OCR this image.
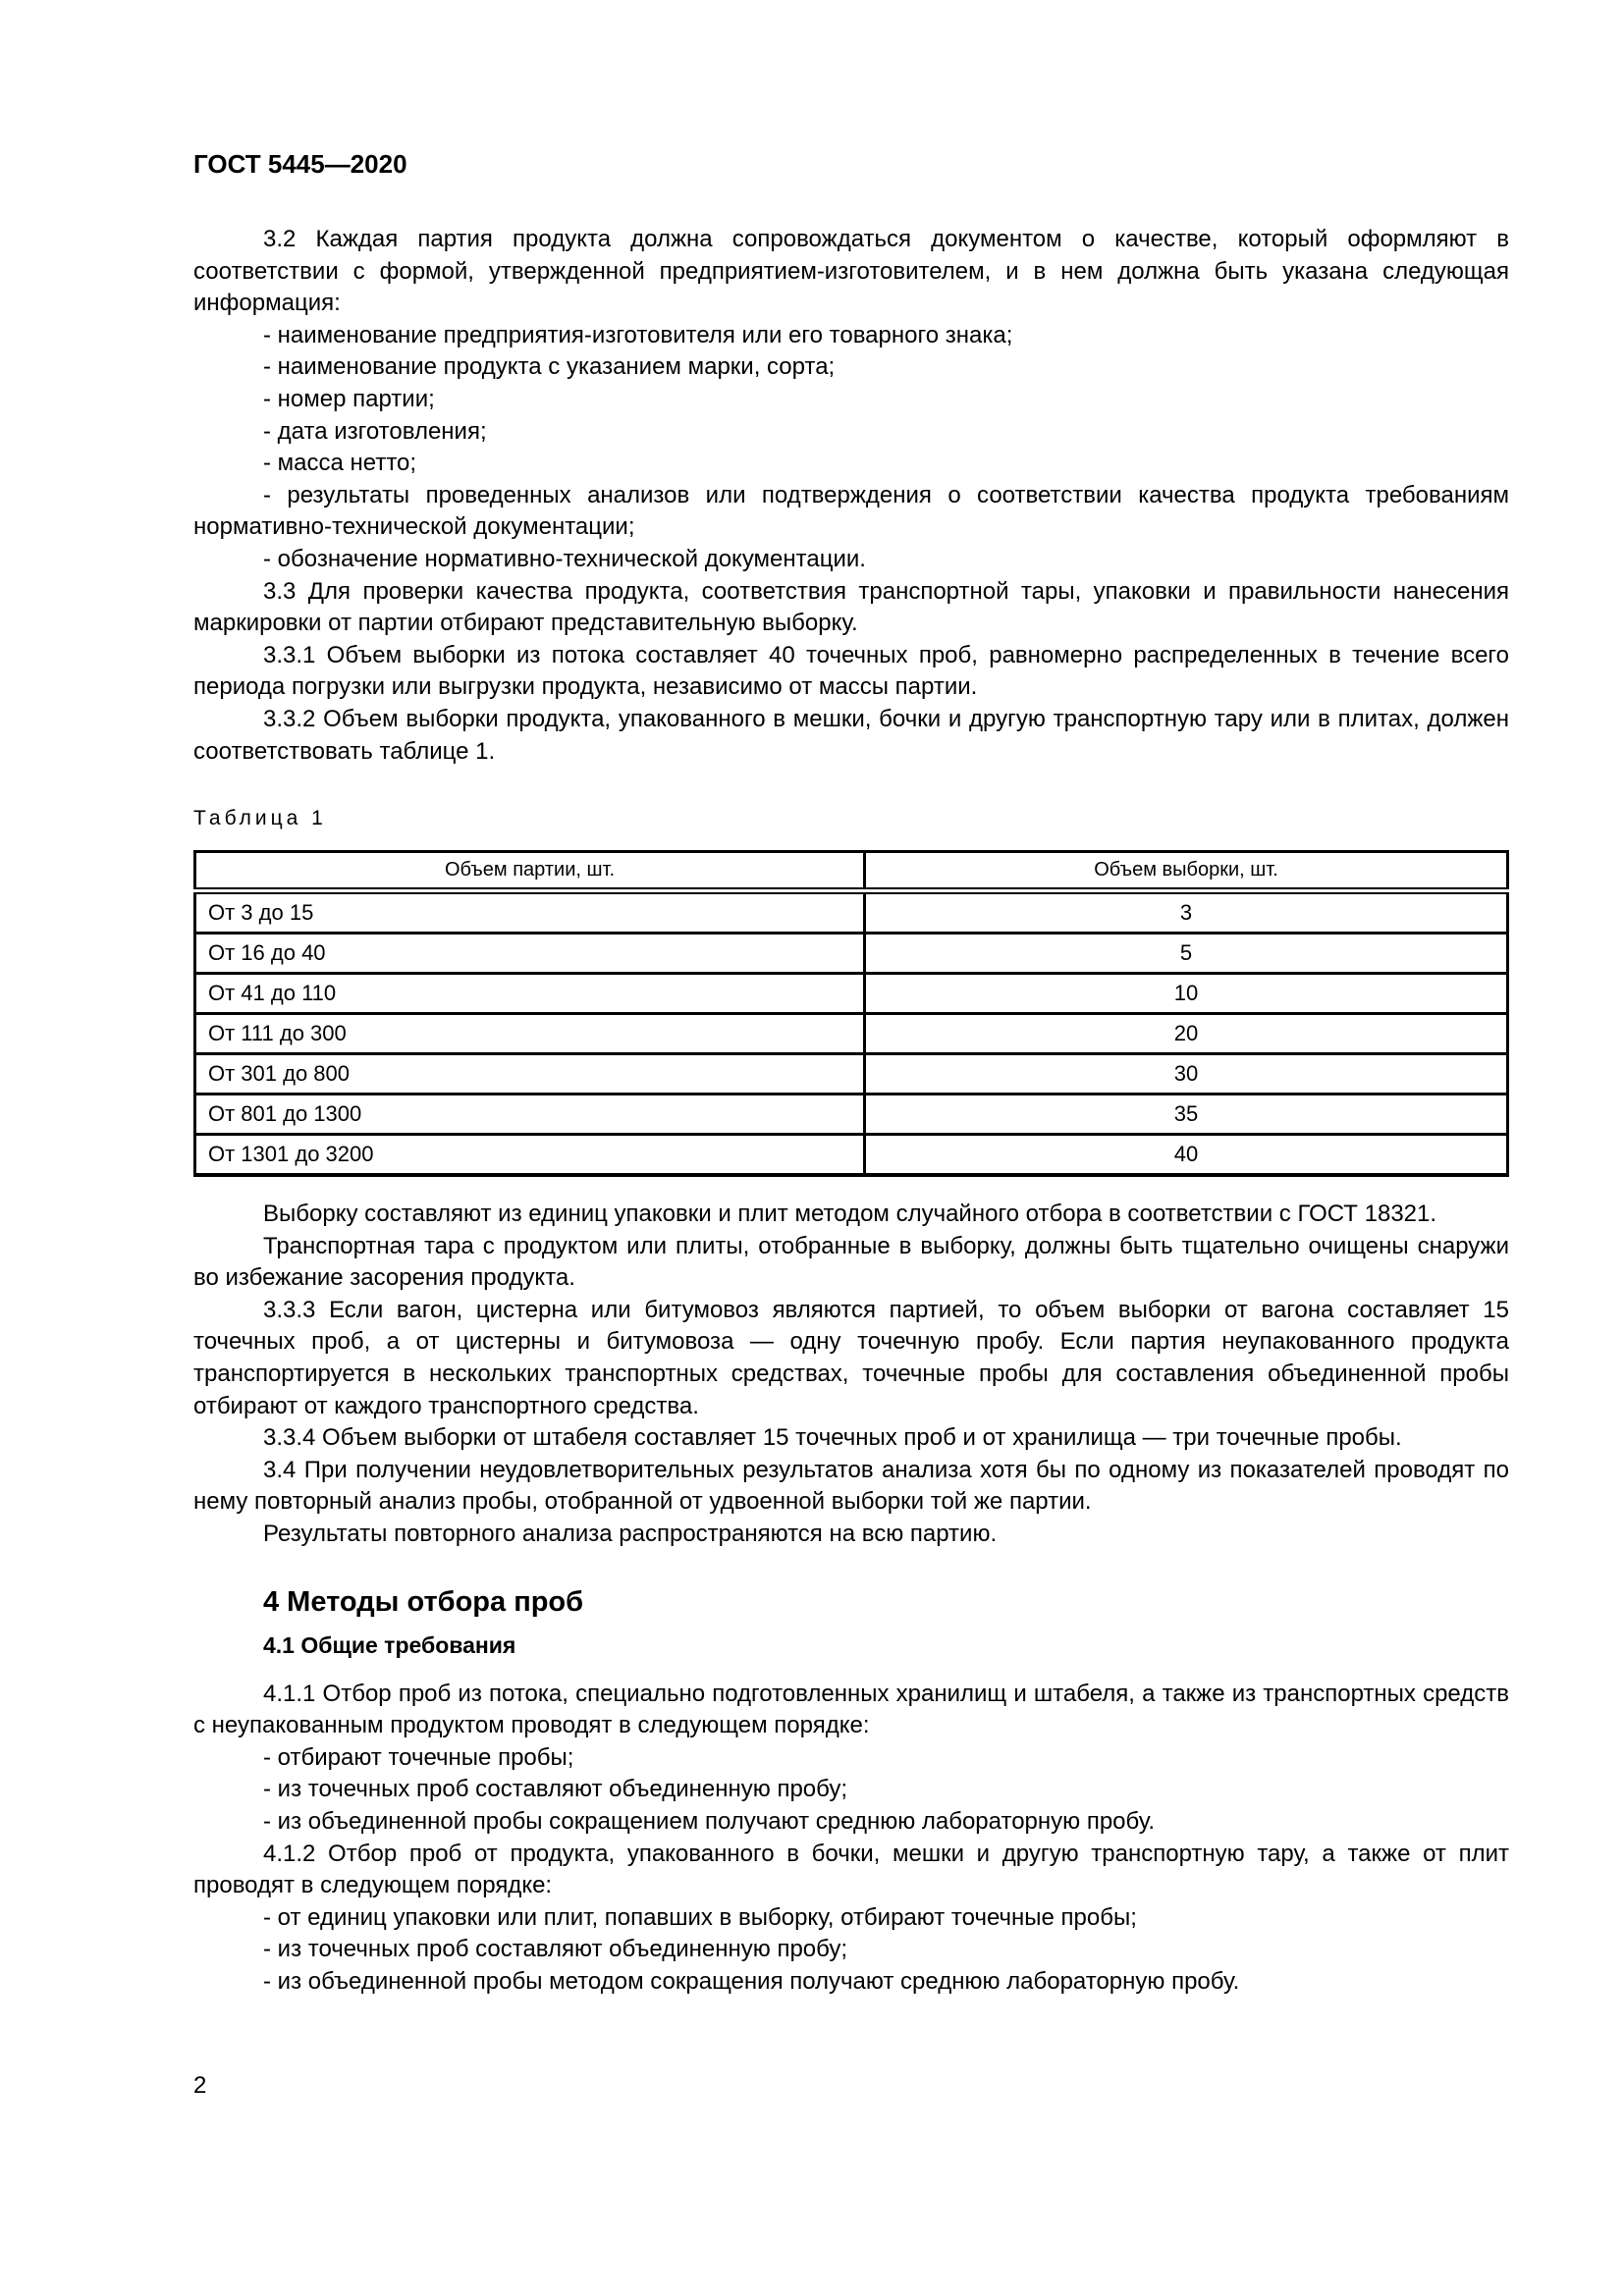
ГОСТ 5445—2020

3.2 Каждая партия продукта должна сопровождаться документом о качестве, который оформляют в соответствии с формой, утвержденной предприятием-изготовителем, и в нем должна быть указана следующая информация:

- наименование предприятия-изготовителя или его товарного знака;

- наименование продукта с указанием марки, сорта;

- номер партии;

- дата изготовления;

- масса нетто;

- результаты проведенных анализов или подтверждения о соответствии качества продукта требованиям нормативно-технической документации;

- обозначение нормативно-технической документации.

3.3 Для проверки качества продукта, соответствия транспортной тары, упаковки и правильности нанесения маркировки от партии отбирают представительную выборку.

3.3.1 Объем выборки из потока составляет 40 точечных проб, равномерно распределенных в течение всего периода погрузки или выгрузки продукта, независимо от массы партии.

3.3.2 Объем выборки продукта, упакованного в мешки, бочки и другую транспортную тару или в плитах, должен соответствовать таблице 1.

Таблица 1
Объем партии, шт.	Объем выборки, шт.
От 3 до 15	3
От 16 до 40	5
От 41 до 110	10
От 111 до 300	20
От 301 до 800	30
От 801 до 1300	35
От 1301 до 3200	40

Выборку составляют из единиц упаковки и плит методом случайного отбора в соответствии с ГОСТ 18321.

Транспортная тара с продуктом или плиты, отобранные в выборку, должны быть тщательно очищены снаружи во избежание засорения продукта.

3.3.3 Если вагон, цистерна или битумовоз являются партией, то объем выборки от вагона составляет 15 точечных проб, а от цистерны и битумовоза — одну точечную пробу. Если партия неупакованного продукта транспортируется в нескольких транспортных средствах, точечные пробы для составления объединенной пробы отбирают от каждого транспортного средства.

3.3.4 Объем выборки от штабеля составляет 15 точечных проб и от хранилища — три точечные пробы.

3.4 При получении неудовлетворительных результатов анализа хотя бы по одному из показателей проводят по нему повторный анализ пробы, отобранной от удвоенной выборки той же партии.

Результаты повторного анализа распространяются на всю партию.

4 Методы отбора проб
4.1 Общие требования

4.1.1 Отбор проб из потока, специально подготовленных хранилищ и штабеля, а также из транспортных средств с неупакованным продуктом проводят в следующем порядке:

- отбирают точечные пробы;

- из точечных проб составляют объединенную пробу;

- из объединенной пробы сокращением получают среднюю лабораторную пробу.

4.1.2 Отбор проб от продукта, упакованного в бочки, мешки и другую транспортную тару, а также от плит проводят в следующем порядке:

- от единиц упаковки или плит, попавших в выборку, отбирают точечные пробы;

- из точечных проб составляют объединенную пробу;

- из объединенной пробы методом сокращения получают среднюю лабораторную пробу.

2
